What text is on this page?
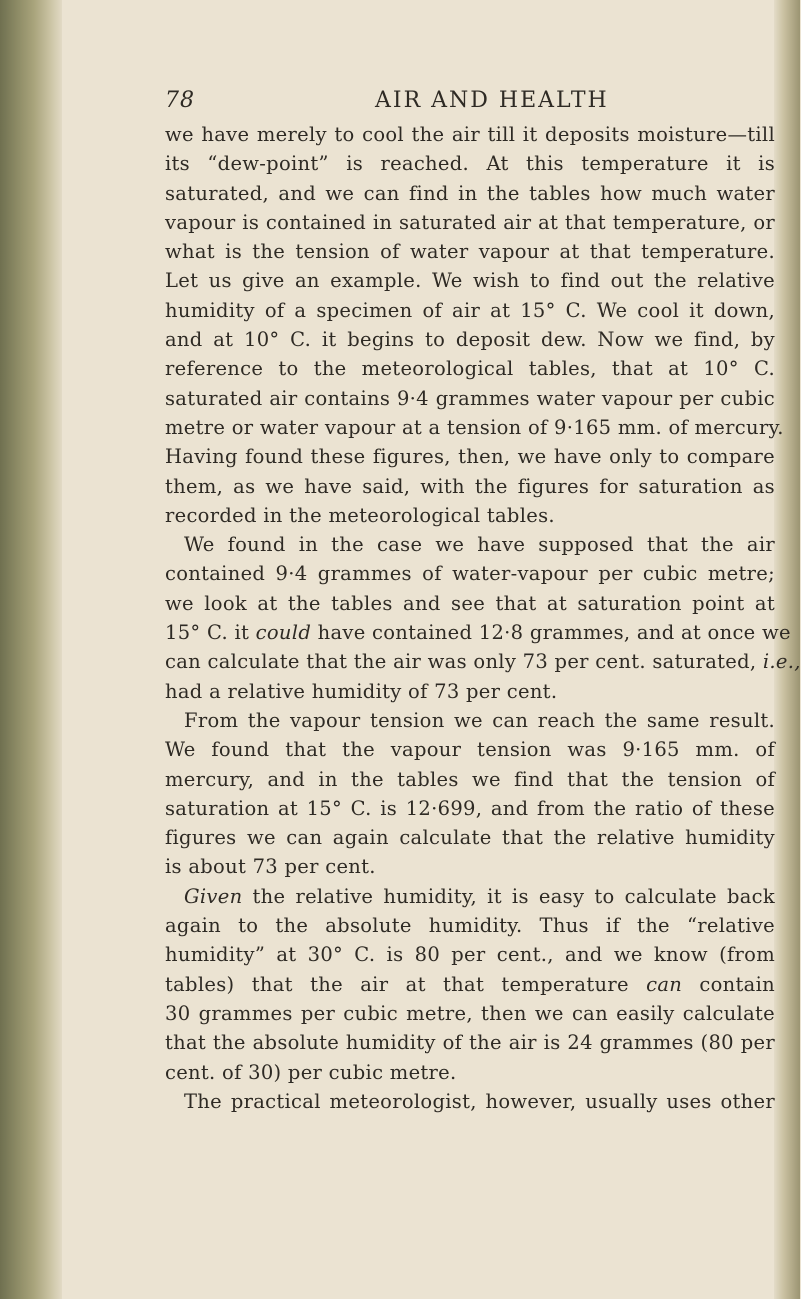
78	AIR AND HEALTH
we have merely to cool the air till it deposits moisture—till
its “dew-point” is reached. At this temperature it is
saturated, and we can find in the tables how much water
vapour is contained in saturated air at that temperature, or
what is the tension of water vapour at that temperature.
Let us give an example. We wish to find out the relative
humidity of a specimen of air at 15° C. We cool it down,
and at 10° C. it begins to deposit dew. Now we find, by
reference to the meteorological tables, that at 10° C.
saturated air contains 9·4 grammes water vapour per cubic
metre or water vapour at a tension of 9·165 mm. of mercury.
Having found these figures, then, we have only to compare
them, as we have said, with the figures for saturation as
recorded in the meteorological tables.
We found in the case we have supposed that the air
contained 9·4 grammes of water-vapour per cubic metre;
we look at the tables and see that at saturation point at
15° C. it could have contained 12·8 grammes, and at once we
can calculate that the air was only 73 per cent. saturated, i.e.,
had a relative humidity of 73 per cent.
From the vapour tension we can reach the same result.
We found that the vapour tension was 9·165 mm. of
mercury, and in the tables we find that the tension of
saturation at 15° C. is 12·699, and from the ratio of these
figures we can again calculate that the relative humidity
is about 73 per cent.
Given the relative humidity, it is easy to calculate back
again to the absolute humidity. Thus if the “relative
humidity” at 30° C. is 80 per cent., and we know (from
tables) that the air at that temperature can contain
30 grammes per cubic metre, then we can easily calculate
that the absolute humidity of the air is 24 grammes (80 per
cent. of 30) per cubic metre.
The practical meteorologist, however, usually uses other
